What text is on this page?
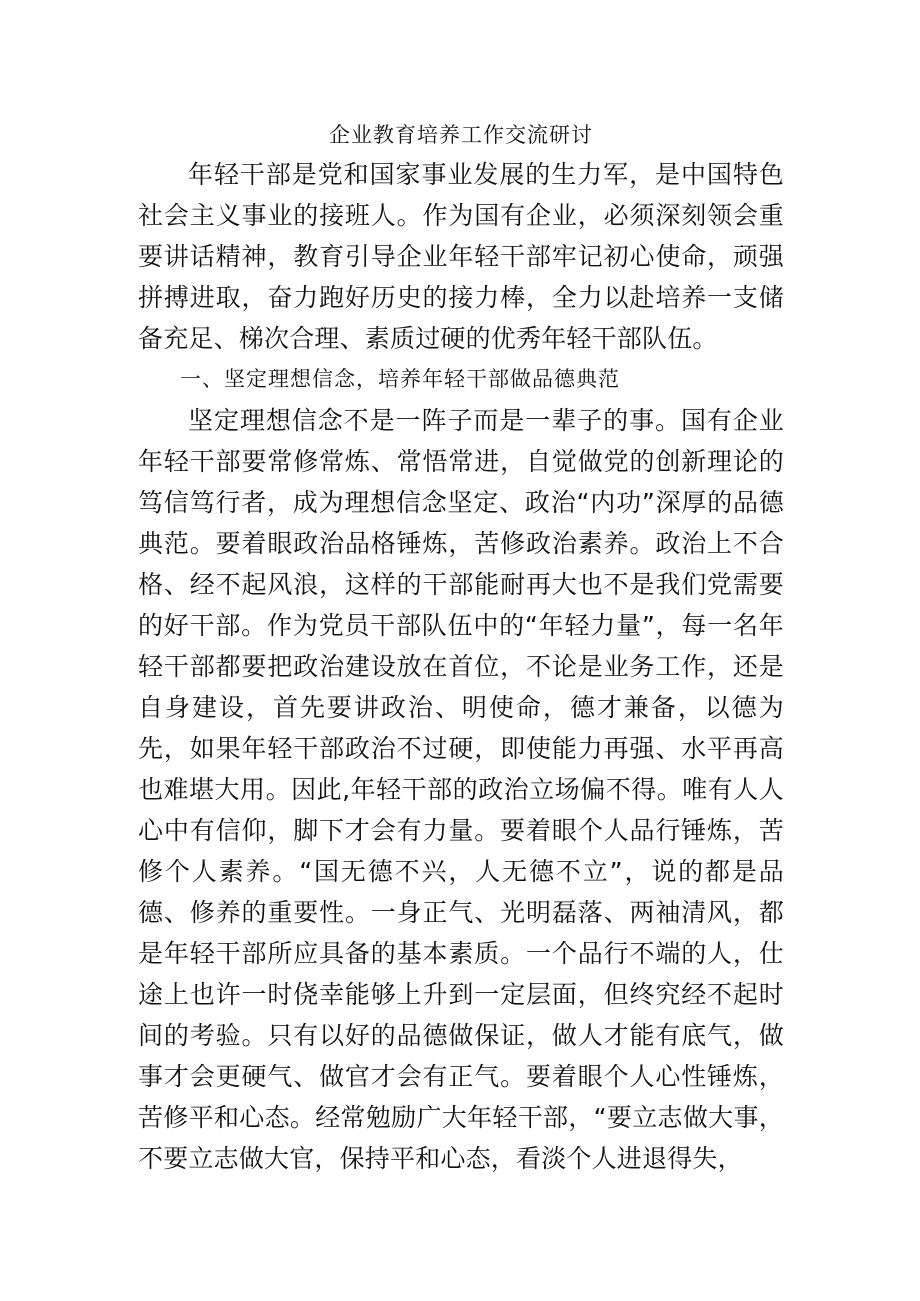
企业教育培养工作交流研讨

年轻干部是党和国家事业发展的生力军，是中国特色社会主义事业的接班人。作为国有企业，必须深刻领会重要讲话精神，教育引导企业年轻干部牢记初心使命，顽强拼搏进取，奋力跑好历史的接力棒，全力以赴培养一支储备充足、梯次合理、素质过硬的优秀年轻干部队伍。

一、坚定理想信念，培养年轻干部做品德典范

坚定理想信念不是一阵子而是一辈子的事。国有企业年轻干部要常修常炼、常悟常进，自觉做党的创新理论的笃信笃行者，成为理想信念坚定、政治“内功”深厚的品德典范。要着眼政治品格锤炼，苦修政治素养。政治上不合格、经不起风浪，这样的干部能耐再大也不是我们党需要的好干部。作为党员干部队伍中的“年轻力量”，每一名年轻干部都要把政治建设放在首位，不论是业务工作，还是自身建设，首先要讲政治、明使命，德才兼备，以德为先，如果年轻干部政治不过硬，即使能力再强、水平再高也难堪大用。因此,年轻干部的政治立场偏不得。唯有人人心中有信仰，脚下才会有力量。要着眼个人品行锤炼，苦修个人素养。“国无德不兴，人无德不立”，说的都是品德、修养的重要性。一身正气、光明磊落、两袖清风，都是年轻干部所应具备的基本素质。一个品行不端的人，仕途上也许一时侥幸能够上升到一定层面，但终究经不起时间的考验。只有以好的品德做保证，做人才能有底气，做事才会更硬气、做官才会有正气。要着眼个人心性锤炼，苦修平和心态。经常勉励广大年轻干部，“要立志做大事，不要立志做大官，保持平和心态，看淡个人进退得失，
